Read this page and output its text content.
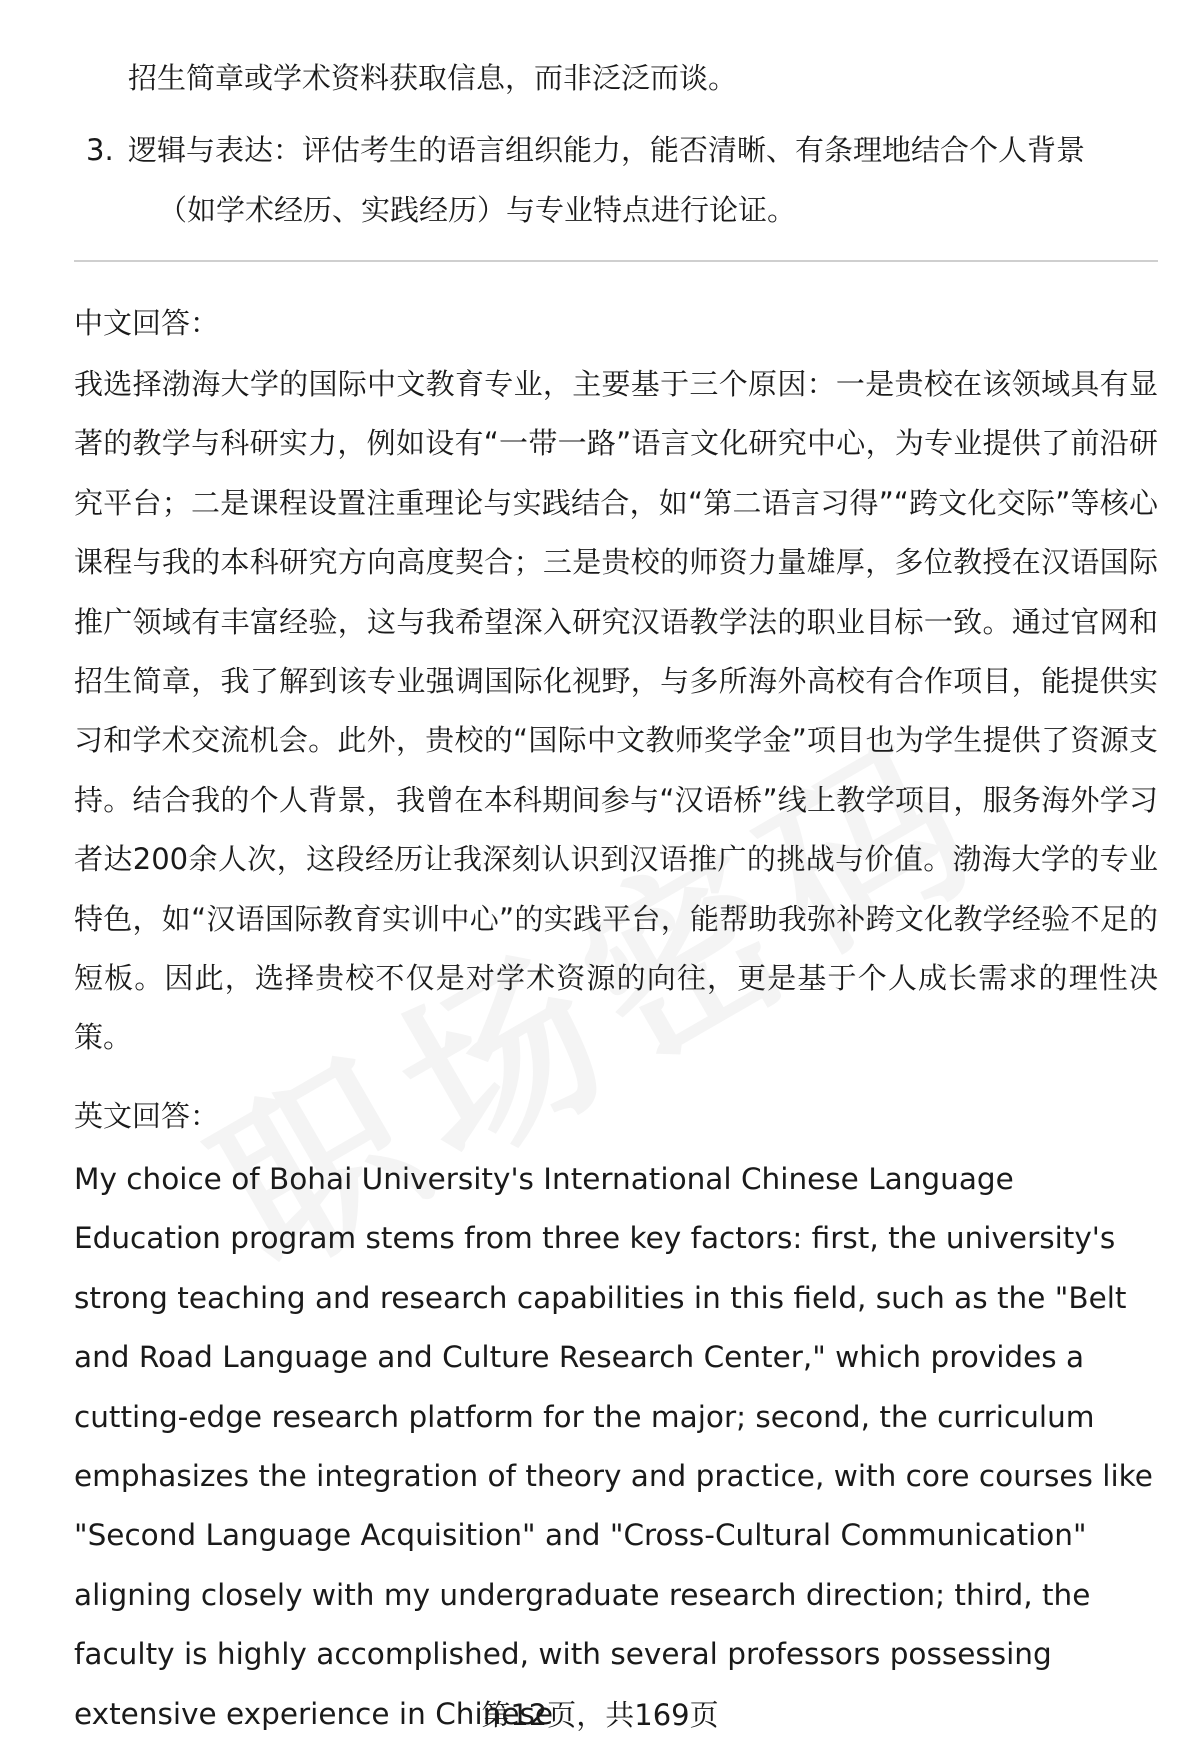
招生简章或学术资料获取信息，而非泛泛而谈。

3. 逻辑与表达：评估考生的语言组织能力，能否清晰、有条理地结合个人背景
（如学术经历、实践经历）与专业特点进行论证。

中文回答：

我选择渤海大学的国际中文教育专业，主要基于三个原因：一是贵校在该领域具有显著的教学与科研实力，例如设有“一带一路”语言文化研究中心，为专业提供了前沿研究平台；二是课程设置注重理论与实践结合，如“第二语言习得”“跨文化交际”等核心课程与我的本科研究方向高度契合；三是贵校的师资力量雄厚，多位教授在汉语国际推广领域有丰富经验，这与我希望深入研究汉语教学法的职业目标一致。通过官网和招生简章，我了解到该专业强调国际化视野，与多所海外高校有合作项目，能提供实习和学术交流机会。此外，贵校的“国际中文教师奖学金”项目也为学生提供了资源支持。结合我的个人背景，我曾在本科期间参与“汉语桥”线上教学项目，服务海外学习者达200余人次，这段经历让我深刻认识到汉语推广的挑战与价值。渤海大学的专业特色，如“汉语国际教育实训中心”的实践平台，能帮助我弥补跨文化教学经验不足的短板。因此，选择贵校不仅是对学术资源的向往，更是基于个人成长需求的理性决策。

英文回答：

My choice of Bohai University's International Chinese Language Education program stems from three key factors: first, the university's strong teaching and research capabilities in this field, such as the "Belt and Road Language and Culture Research Center," which provides a cutting-edge research platform for the major; second, the curriculum emphasizes the integration of theory and practice, with core courses like "Second Language Acquisition" and "Cross-Cultural Communication" aligning closely with my undergraduate research direction; third, the faculty is highly accomplished, with several professors possessing extensive experience in Chinese

第12页，共169页
